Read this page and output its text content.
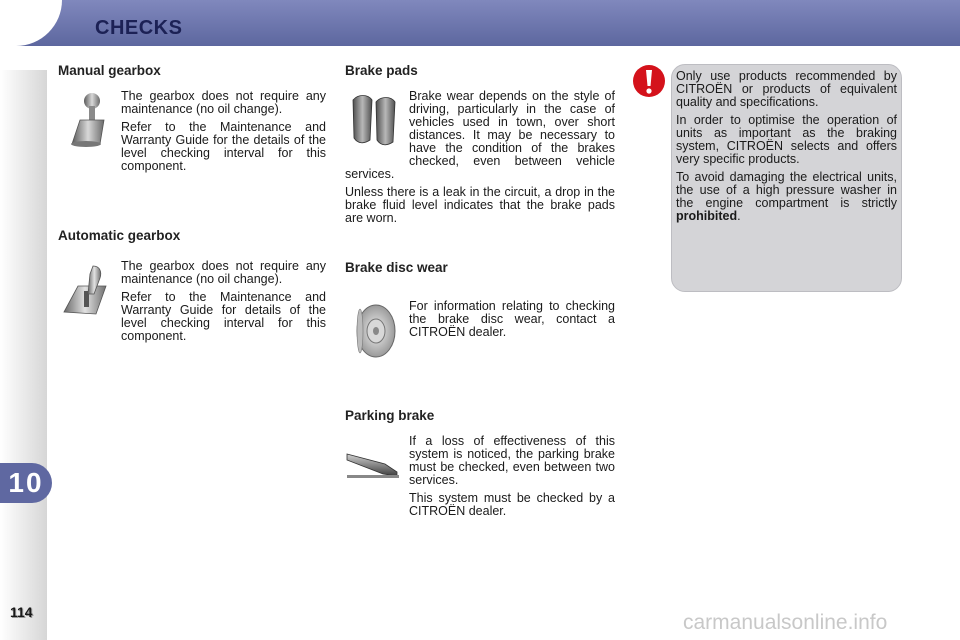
CHECKS
10
114
Manual gearbox

The gearbox does not require any maintenance (no oil change).

Refer to the Maintenance and Warranty Guide for the details of the level checking interval for this component.

Automatic gearbox

The gearbox does not require any maintenance (no oil change).

Refer to the Maintenance and Warranty Guide for details of the level checking interval for this component.

Brake pads

Brake wear depends on the style of driving, particularly in the case of vehicles used in town, over short distances. It may be necessary to have the condition of the brakes checked, even between vehicle services.

Unless there is a leak in the circuit, a drop in the brake fluid level indicates that the brake pads are worn.

Brake disc wear

For information relating to checking the brake disc wear, contact a CITROËN dealer.

Parking brake

If a loss of effectiveness of this system is noticed, the parking brake must be checked, even between two services.

This system must be checked by a CITROËN dealer.

Only use products recommended by CITROËN or products of equivalent quality and specifications.

In order to optimise the operation of units as important as the braking system, CITROËN selects and offers very specific products.

To avoid damaging the electrical units, the use of a high pressure washer in the engine compartment is strictly prohibited.

carmanualsonline.info
